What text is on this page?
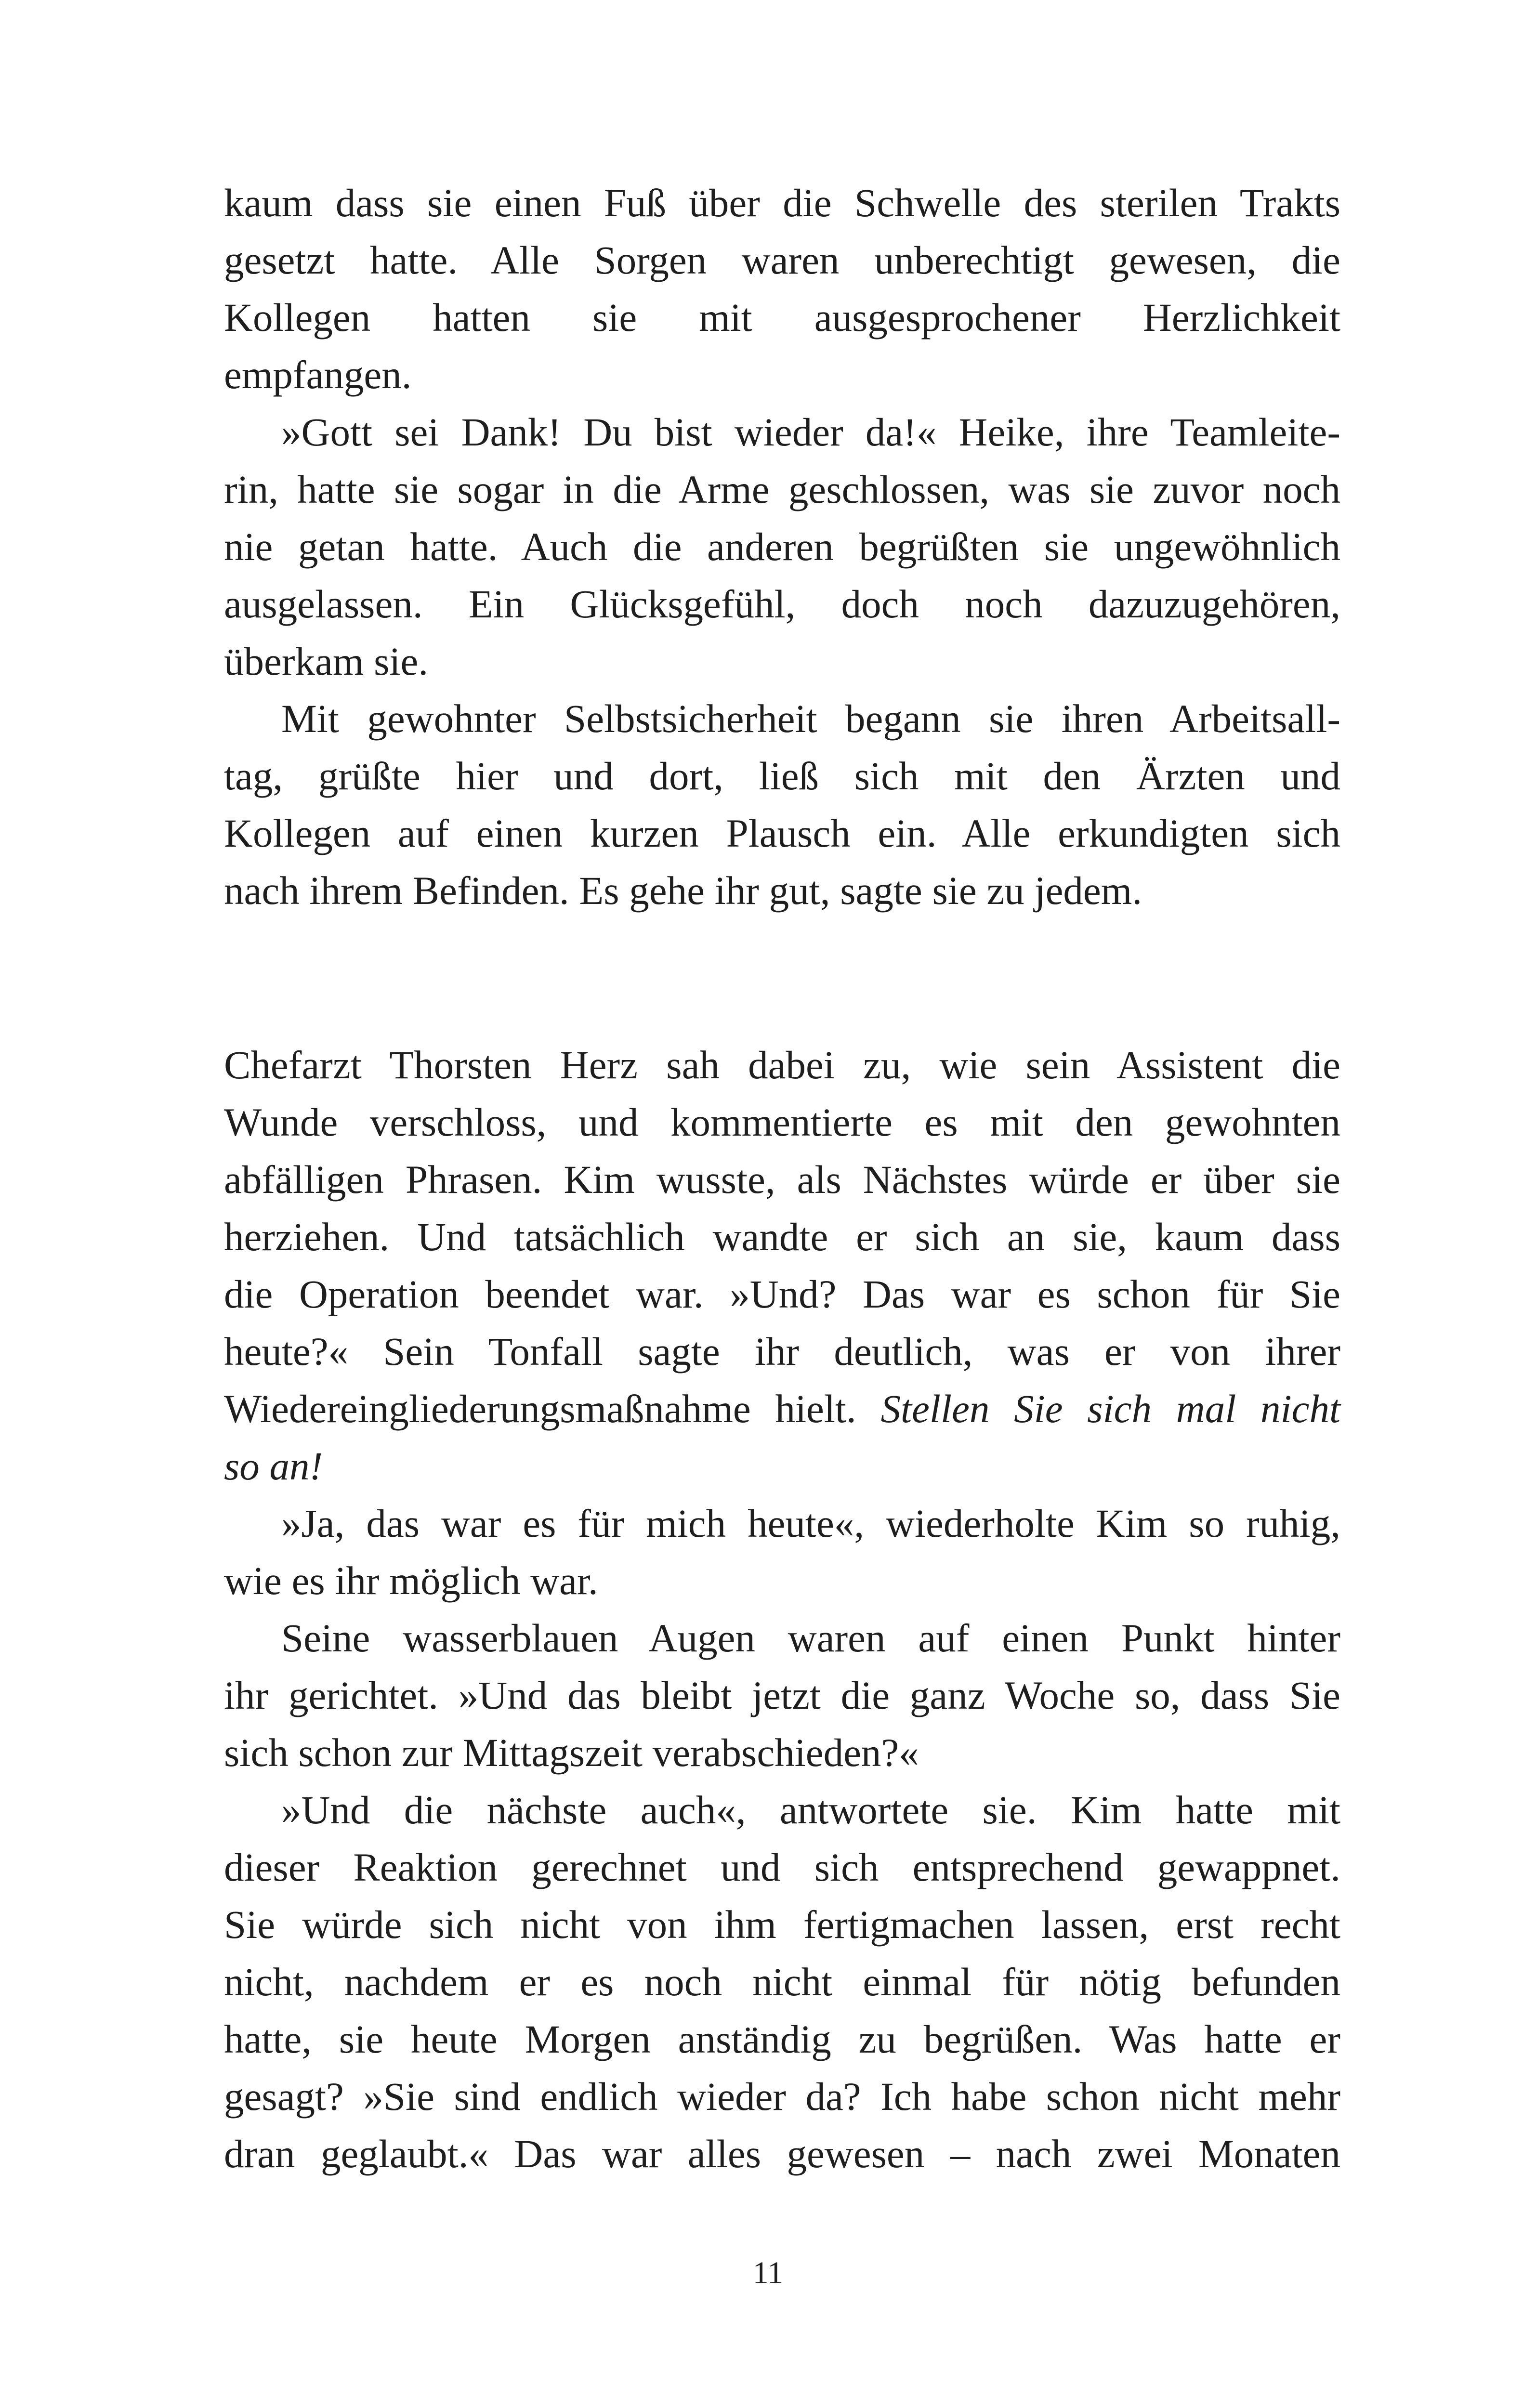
kaum dass sie einen Fuß über die Schwelle des sterilen Trakts
gesetzt hatte. Alle Sorgen waren unberechtigt gewesen, die
Kollegen hatten sie mit ausgesprochener Herzlichkeit
empfangen.
»Gott sei Dank! Du bist wieder da!« Heike, ihre Teamleite-
rin, hatte sie sogar in die Arme geschlossen, was sie zuvor noch
nie getan hatte. Auch die anderen begrüßten sie ungewöhnlich
ausgelassen. Ein Glücksgefühl, doch noch dazuzugehören,
überkam sie.
Mit gewohnter Selbstsicherheit begann sie ihren Arbeitsall-
tag, grüßte hier und dort, ließ sich mit den Ärzten und
Kollegen auf einen kurzen Plausch ein. Alle erkundigten sich
nach ihrem Befinden. Es gehe ihr gut, sagte sie zu jedem.
Chefarzt Thorsten Herz sah dabei zu, wie sein Assistent die
Wunde verschloss, und kommentierte es mit den gewohnten
abfälligen Phrasen. Kim wusste, als Nächstes würde er über sie
herziehen. Und tatsächlich wandte er sich an sie, kaum dass
die Operation beendet war. »Und? Das war es schon für Sie
heute?« Sein Tonfall sagte ihr deutlich, was er von ihrer
Wiedereingliederungsmaßnahme hielt. Stellen Sie sich mal nicht
so an!
»Ja, das war es für mich heute«, wiederholte Kim so ruhig,
wie es ihr möglich war.
Seine wasserblauen Augen waren auf einen Punkt hinter
ihr gerichtet. »Und das bleibt jetzt die ganz Woche so, dass Sie
sich schon zur Mittagszeit verabschieden?«
»Und die nächste auch«, antwortete sie. Kim hatte mit
dieser Reaktion gerechnet und sich entsprechend gewappnet.
Sie würde sich nicht von ihm fertigmachen lassen, erst recht
nicht, nachdem er es noch nicht einmal für nötig befunden
hatte, sie heute Morgen anständig zu begrüßen. Was hatte er
gesagt? »Sie sind endlich wieder da? Ich habe schon nicht mehr
dran geglaubt.« Das war alles gewesen – nach zwei Monaten
11
